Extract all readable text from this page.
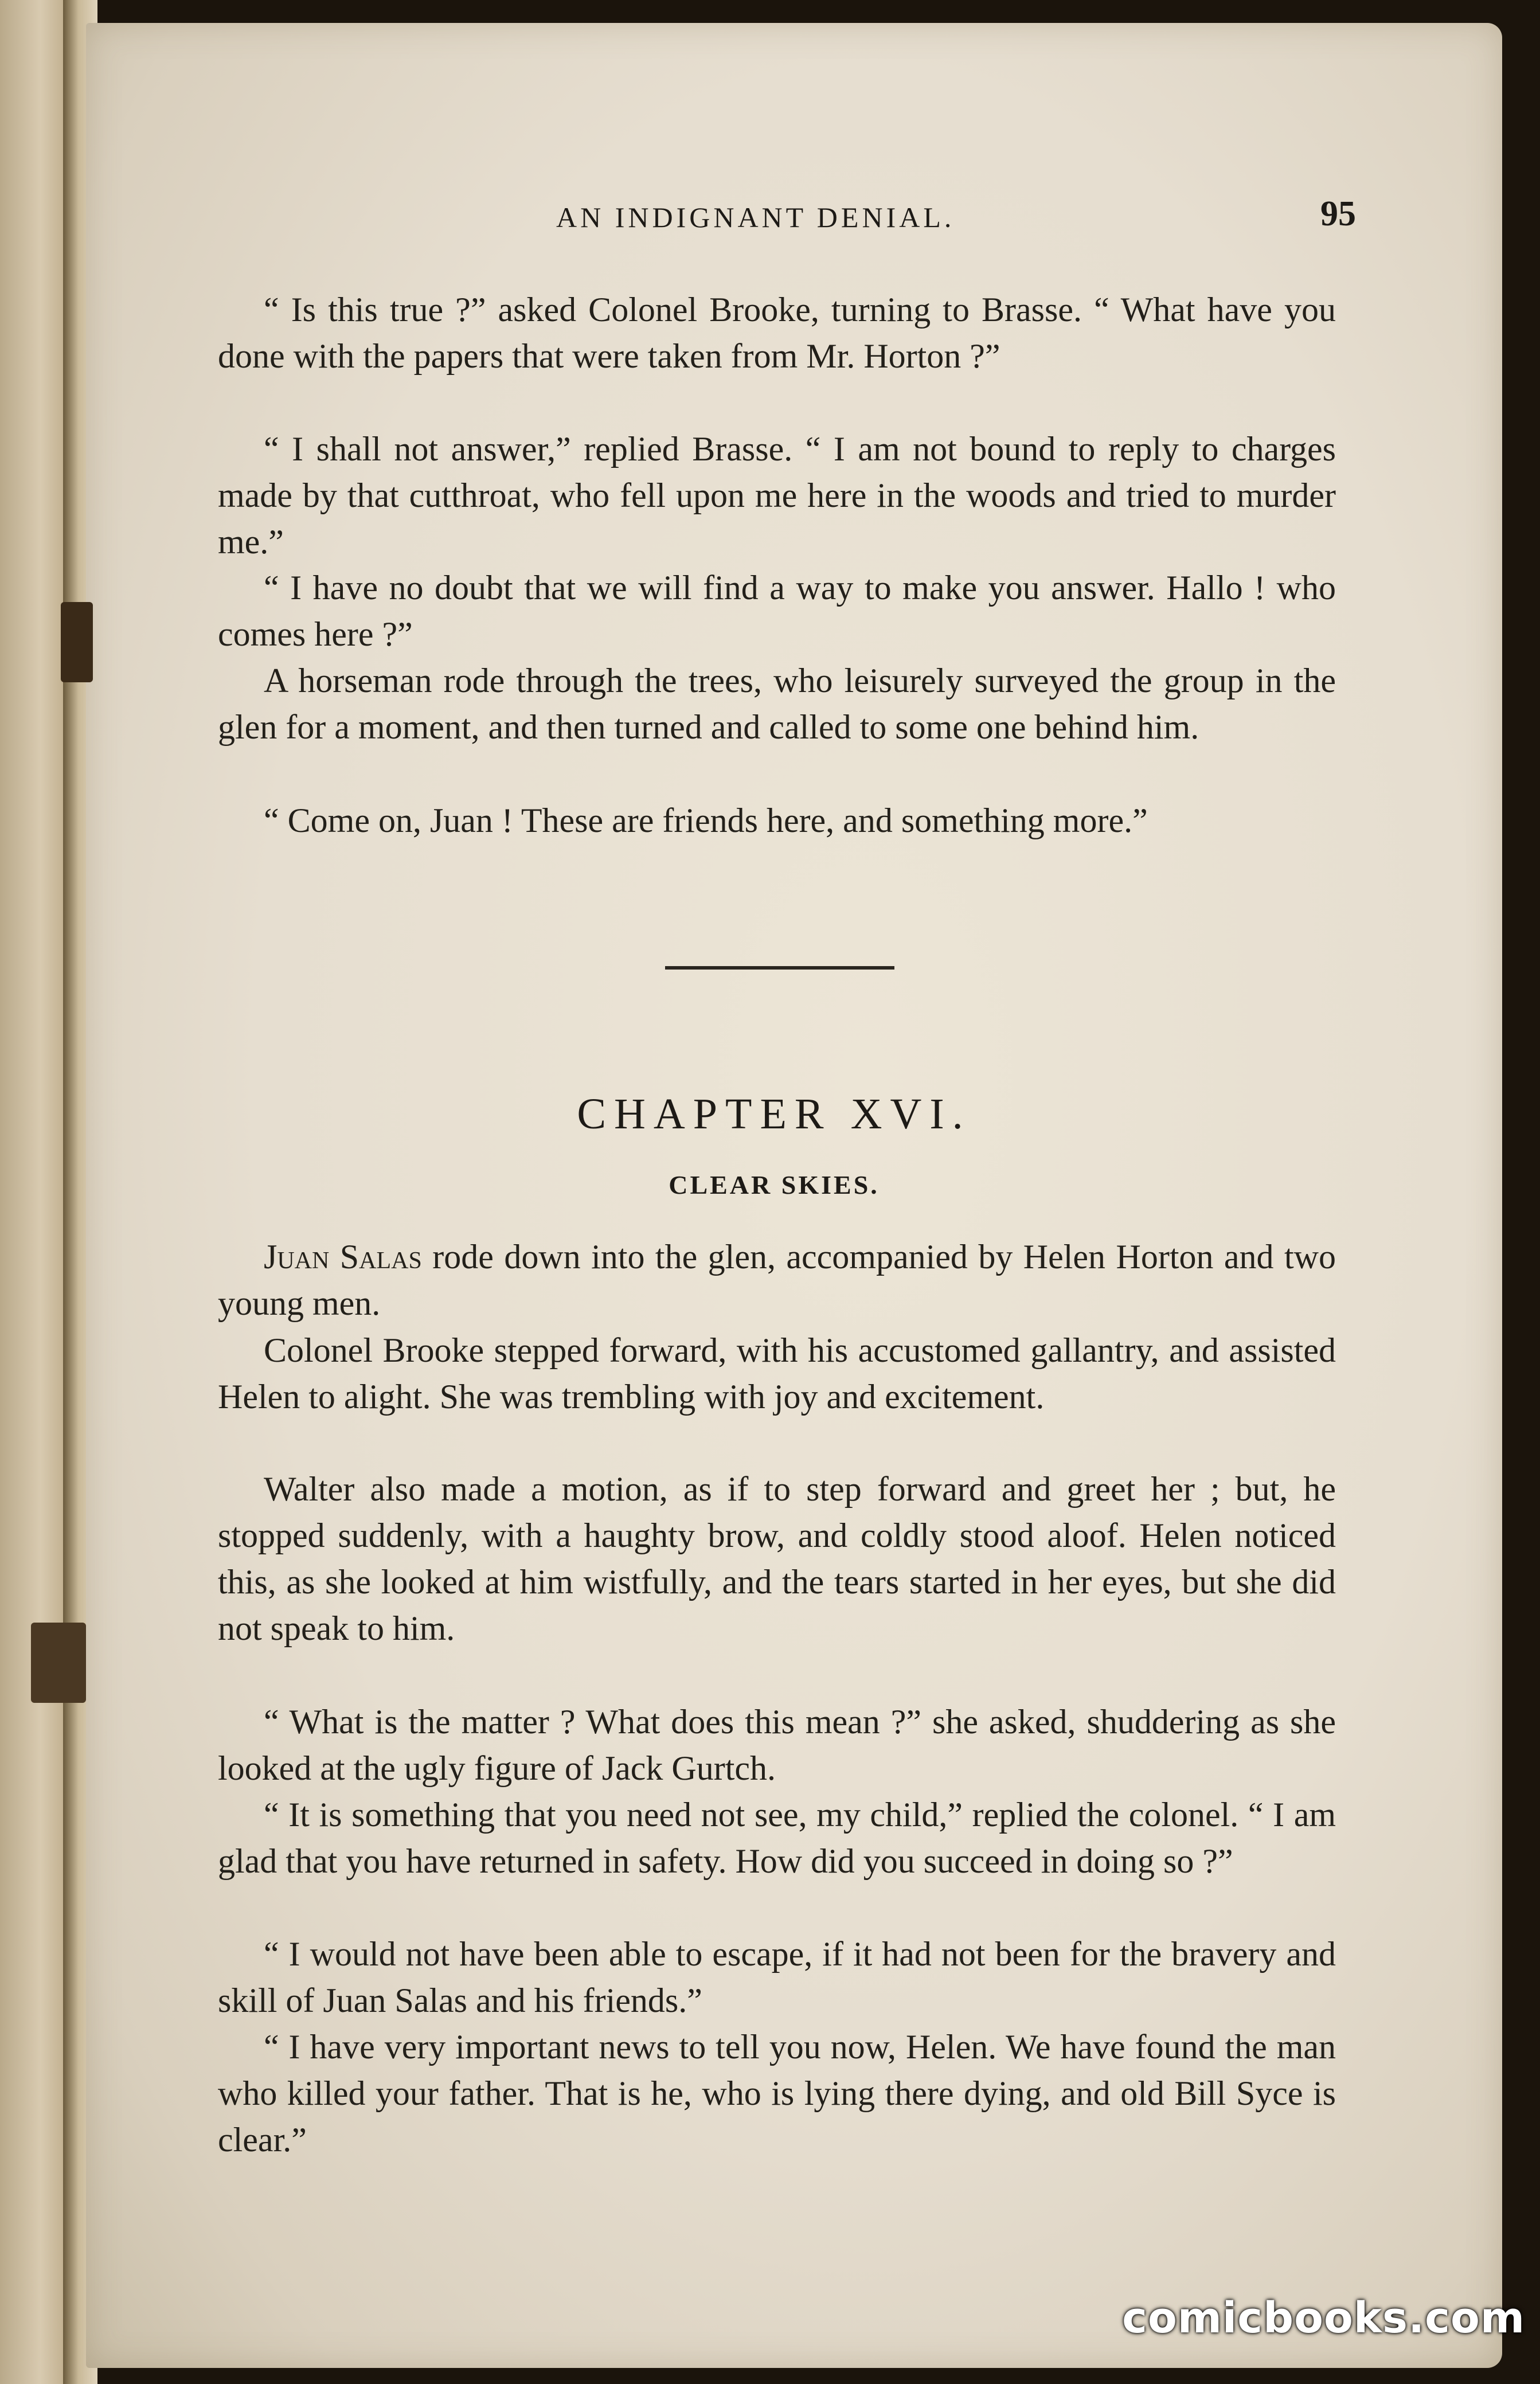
AN INDIGNANT DENIAL.	95

“ Is this true ?” asked Colonel Brooke, turning to Brasse. “ What have you done with the papers that were taken from Mr. Horton ?”

“ I shall not answer,” replied Brasse. “ I am not bound to reply to charges made by that cutthroat, who fell upon me here in the woods and tried to murder me.”

“ I have no doubt that we will find a way to make you answer. Hallo ! who comes here ?”

A horseman rode through the trees, who leisurely surveyed the group in the glen for a moment, and then turned and called to some one behind him.

“ Come on, Juan ! These are friends here, and something more.”

CHAPTER XVI.
CLEAR SKIES.

Juan Salas rode down into the glen, accompanied by Helen Horton and two young men.

Colonel Brooke stepped forward, with his accustomed gallantry, and assisted Helen to alight. She was trembling with joy and excitement.

Walter also made a motion, as if to step forward and greet her ; but, he stopped suddenly, with a haughty brow, and coldly stood aloof. Helen noticed this, as she looked at him wistfully, and the tears started in her eyes, but she did not speak to him.

“ What is the matter ? What does this mean ?” she asked, shuddering as she looked at the ugly figure of Jack Gurtch.

“ It is something that you need not see, my child,” replied the colonel. “ I am glad that you have returned in safety. How did you succeed in doing so ?”

“ I would not have been able to escape, if it had not been for the bravery and skill of Juan Salas and his friends.”

“ I have very important news to tell you now, Helen. We have found the man who killed your father. That is he, who is lying there dying, and old Bill Syce is clear.”

comicbooks.com
